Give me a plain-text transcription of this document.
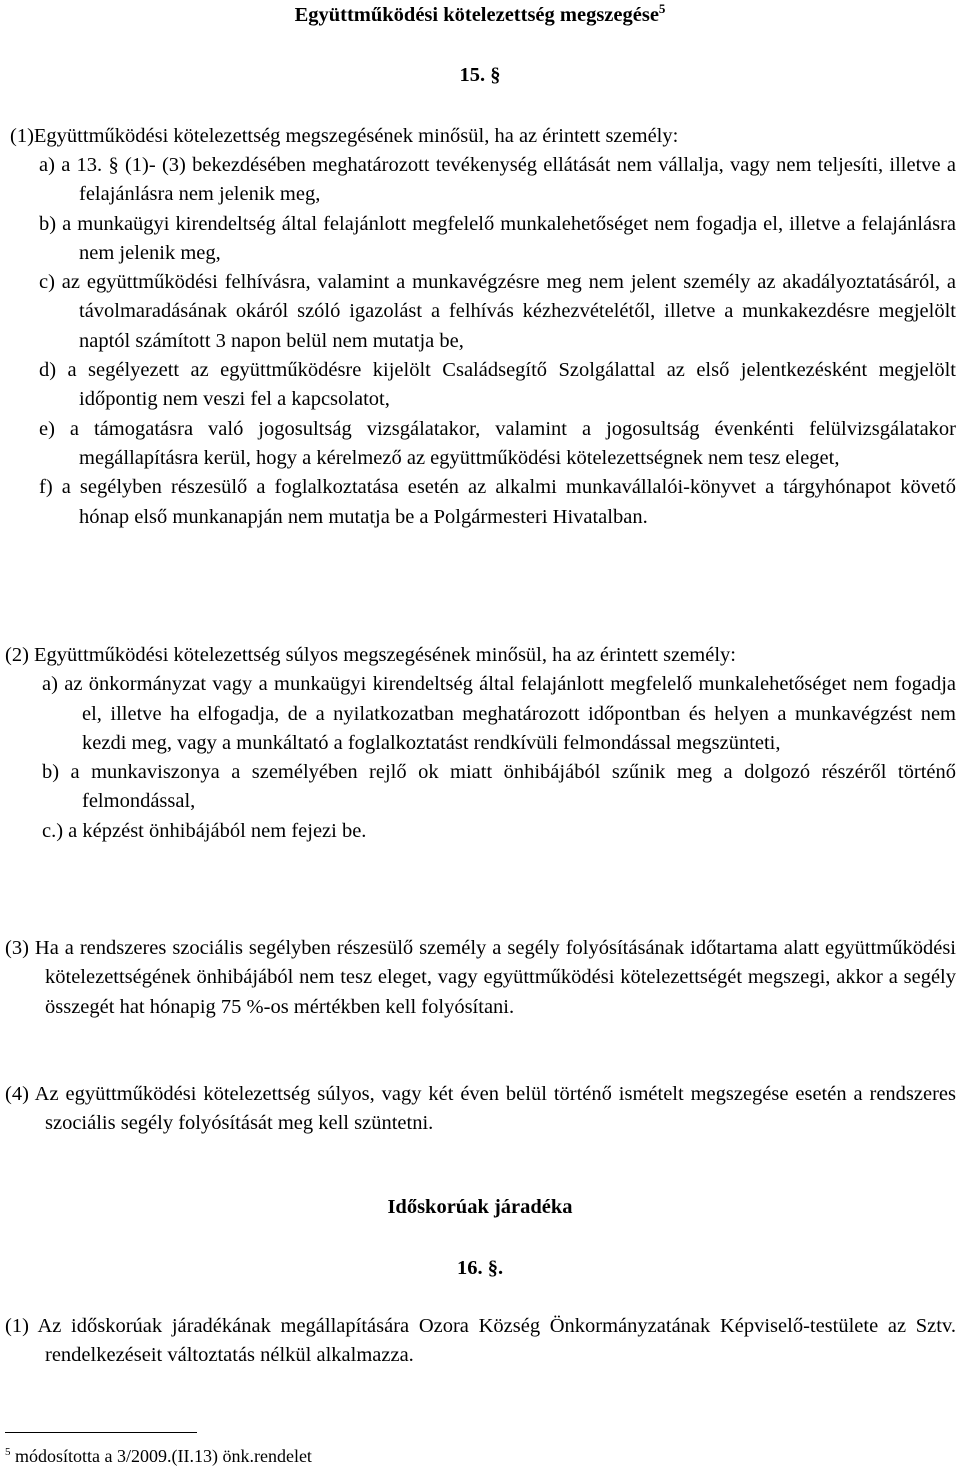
Együttműködési kötelezettség megszegése$^5$
15. §
(1)Együttműködési kötelezettség megszegésének minősül, ha az érintett személy:

a) a 13. § (1)- (3) bekezdésében meghatározott tevékenység ellátását nem vállalja, vagy nem teljesíti, illetve a felajánlásra nem jelenik meg,

b) a munkaügyi kirendeltség által felajánlott megfelelő munkalehetőséget nem fogadja el, illetve a felajánlásra nem jelenik meg,

c) az együttműködési felhívásra, valamint a munkavégzésre meg nem jelent személy az akadályoztatásáról, a távolmaradásának okáról szóló igazolást a felhívás kézhezvételétől, illetve a munkakezdésre megjelölt naptól számított 3 napon belül nem mutatja be,

d) a segélyezett az együttműködésre kijelölt Családsegítő Szolgálattal az első jelentkezésként megjelölt időpontig nem veszi fel a kapcsolatot,

e) a támogatásra való jogosultság vizsgálatakor, valamint a jogosultság évenkénti felülvizsgálatakor megállapításra kerül, hogy a kérelmező az együttműködési kötelezettségnek nem tesz eleget,

f) a segélyben részesülő a foglalkoztatása esetén az alkalmi munkavállalói-könyvet a tárgyhónapot követő hónap első munkanapján nem mutatja be a Polgármesteri Hivatalban.

(2) Együttműködési kötelezettség súlyos megszegésének minősül, ha az érintett személy:

a) az önkormányzat vagy a munkaügyi kirendeltség által felajánlott megfelelő munkalehetőséget nem fogadja el, illetve ha elfogadja, de a nyilatkozatban meghatározott időpontban és helyen a munkavégzést nem kezdi meg, vagy a munkáltató a foglalkoztatást rendkívüli felmondással megszünteti,

b) a munkaviszonya a személyében rejlő ok miatt önhibájából szűnik meg a dolgozó részéről történő felmondással,

c.) a képzést önhibájából nem fejezi be.

(3) Ha a rendszeres szociális segélyben részesülő személy a segély folyósításának időtartama alatt együttműködési kötelezettségének önhibájából nem tesz eleget, vagy együttműködési kötelezettségét megszegi, akkor a segély összegét hat hónapig 75 %-os mértékben kell folyósítani.

(4) Az együttműködési kötelezettség súlyos, vagy két éven belül történő ismételt megszegése esetén a rendszeres szociális segély folyósítását meg kell szüntetni.

Időskorúak járadéka
16. §.

(1) Az időskorúak járadékának megállapítására Ozora Község Önkormányzatának Képviselő-testülete az Sztv. rendelkezéseit változtatás nélkül alkalmazza.

$^5$ módosította a 3/2009.(II.13) önk.rendelet
